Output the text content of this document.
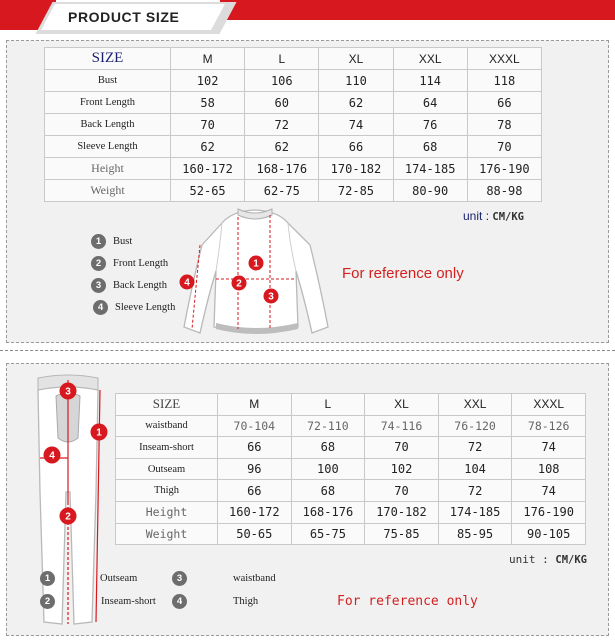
PRODUCT SIZE
SIZE	M	L	XL	XXL	XXXL
Bust	102	106	110	114	118
Front Length	58	60	62	64	66
Back Length	70	72	74	76	78
Sleeve Length	62	62	66	68	70
Height	160-172	168-176	170-182	174-185	176-190
Weight	52-65	62-75	72-85	80-90	88-98
unit : CM/KG
1	Bust
2	Front Length
3	Back Length
4	Sleeve Length
1
2
3
4
For reference only
SIZE	M	L	XL	XXL	XXXL
waistband	70-104	72-110	74-116	76-120	78-126
Inseam-short	66	68	70	72	74
Outseam	96	100	102	104	108
Thigh	66	68	70	72	74
Height	160-172	168-176	170-182	174-185	176-190
Weight	50-65	65-75	75-85	85-95	90-105
unit : CM/KG
3
1
4
2
1	Outseam	3	waistband
2	Inseam-short	4	Thigh	For reference only
